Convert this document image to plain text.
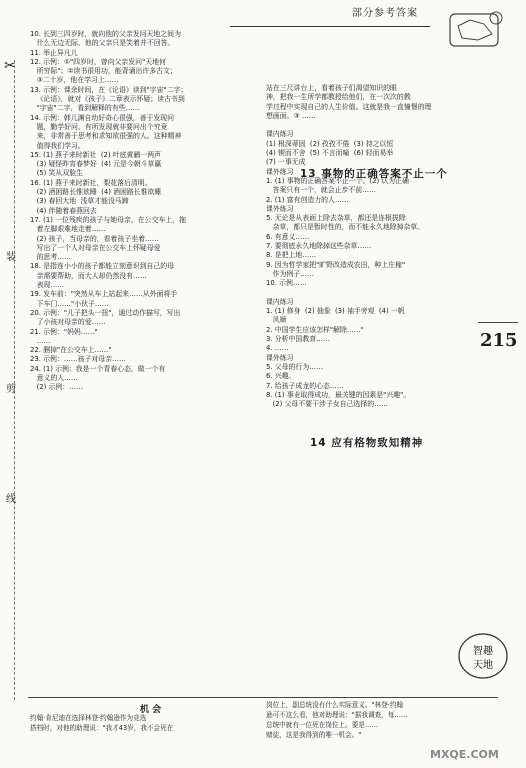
部分参考答案
✂
装
剪
线
10. 长到三四岁时，就向他的父亲发问天地之间为
什么无边无际，他的父亲只是笑着并不回答。
11. 举止异凡儿
12. 示例：①"四岁时，曾向父亲发问"天地何
所穷际"；②读书很用功，能背诵出许多古文；
③二十岁，他在学习上……
13. 示例：课余时间，在《论语》读到"宇宙"二字；
《论语》，就对《孩子》二章表示怀疑；读古书到
"宇宙"二字，看到解释的有些……
14. 示例：韩儿渊自幼好奇心很强，善于发现问
题，勤学好问，有所发现就非要问出个究竟
来，非常善于思考和求知欲很强的人。这种精神
值得我们学习。
15. (1) 燕子来时新社  (2) 叶底黄鹂一两声
(3) 疑怪昨宵春梦好  (4) 元是今朝斗草赢
(5) 笑从双脸生
16. (1) 燕子来时新社，梨花落后清明。
(2) 酒困路长惟欲睡  (4) 酒困路长惟欲睡
(3) 春回大地  浅草才能没马蹄
(4) 伴随着春燕回去
17. (1) 一位残疾的孩子与她母亲，在公交车上，拖
着左脚艰难地走着……
(2) 孩子，当母亲的，看着孩子坐着……
写出了一个人对母亲在公交车上怀疑母爱
的思考……
18. 是指连小小的孩子都能立刻意识到自己的母
亲需要帮助，而大人却仍然没有……
表现……
19. 发车前："突然从车上站起来……从外面将手
下车门……"小伙子……
20. 示例："儿子把头一扭"，通过动作描写，写出
了小孩对母亲的爱……
21. 示例："妈妈……"
……
22. 删掉"在公交车上……"
23. 示例：……孩子对母亲……
24. (1) 示例：我是一个青春心态，做一个有
意义的人……
(2) 示例：……
13 事物的正确答案不止一个
14 应有格物致知精神
站在三尺讲台上，看着孩子们渴望知识的眼
神，把我一生所学都教授给他们，在一次次的教
学过程中实现自己的人生价值。这就是我一直憧憬的理
想画面。③ ……

课内练习
(1) 根深蒂固  (2) 孜孜不倦  (3) 持之以恒
(4) 锲而不舍  (5) 不言而喻  (6) 轻而易举
(7) 一事无成
课外练习
1. (1) 事物的正确答案不止一个。(2) 认为正确
答案只有一个，就会止步不前……
2. (1) 富有创造力的人……
课外练习
5. 无论是从表面上除去杂草，都还是连根拔除
杂草，都只是暂时性的，而不能永久地除掉杂草。
6. 有意义……
7. 要彻底永久地除掉这些杂草……
8. 是把上地……
9. 因为哲学家把"旷野改造成农田，种上庄稼"
作为例子……
10. 示例……

课内练习
1. (1) 修身  (2) 抽象  (3) 袖手旁观  (4) 一帆
风顺
2. 中国学生应该怎样"解除……"
3. 分析中国教育……
4. ……
课外练习
5. 父母的行为……
6. 兴趣。
7. 给孩子成龙的心态……
8. (1) 事业取得成功，最关键的因素是"兴趣"。
(2) 父母不要干涉子女自己选择的……
215
智趣
天地
机 会
约翰·肯尼迪在选择林登·约翰逊作为竞选
搭档时，对他的助理说："我才43岁，我不会死在
岗位上，副总统没有什么实际意义。"林登·约翰
逊可不这么看，他对助理说："据我调查，每……
总统中就有一位死在岗位上。要是……
赌徒，这是我得到的唯一机会。"
MXQE.COM
